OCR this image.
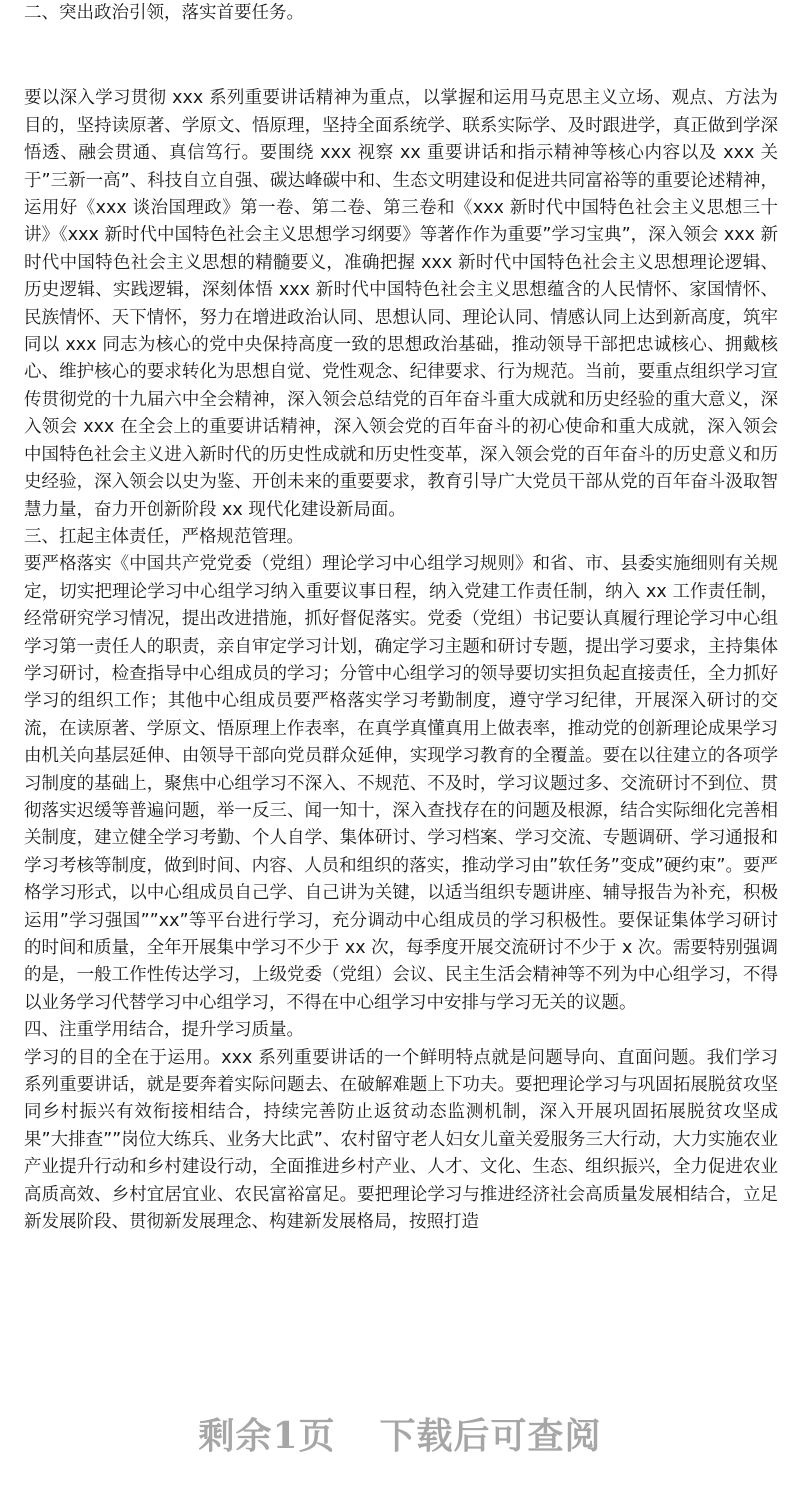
二、突出政治引领，落实首要任务。

要以深入学习贯彻 xxx 系列重要讲话精神为重点，以掌握和运用马克思主义立场、观点、方法为目的，坚持读原著、学原文、悟原理，坚持全面系统学、联系实际学、及时跟进学，真正做到学深悟透、融会贯通、真信笃行。要围绕 xxx 视察 xx 重要讲话和指示精神等核心内容以及 xxx 关于”三新一高”、科技自立自强、碳达峰碳中和、生态文明建设和促进共同富裕等的重要论述精神，运用好《xxx 谈治国理政》第一卷、第二卷、第三卷和《xxx 新时代中国特色社会主义思想三十讲》《xxx 新时代中国特色社会主义思想学习纲要》等著作作为重要”学习宝典”，深入领会 xxx 新时代中国特色社会主义思想的精髓要义，准确把握 xxx 新时代中国特色社会主义思想理论逻辑、历史逻辑、实践逻辑，深刻体悟 xxx 新时代中国特色社会主义思想蕴含的人民情怀、家国情怀、民族情怀、天下情怀，努力在增进政治认同、思想认同、理论认同、情感认同上达到新高度，筑牢同以 xxx 同志为核心的党中央保持高度一致的思想政治基础，推动领导干部把忠诚核心、拥戴核心、维护核心的要求转化为思想自觉、党性观念、纪律要求、行为规范。当前，要重点组织学习宣传贯彻党的十九届六中全会精神，深入领会总结党的百年奋斗重大成就和历史经验的重大意义，深入领会 xxx 在全会上的重要讲话精神，深入领会党的百年奋斗的初心使命和重大成就，深入领会中国特色社会主义进入新时代的历史性成就和历史性变革，深入领会党的百年奋斗的历史意义和历史经验，深入领会以史为鉴、开创未来的重要要求，教育引导广大党员干部从党的百年奋斗汲取智慧力量，奋力开创新阶段 xx 现代化建设新局面。

三、扛起主体责任，严格规范管理。

要严格落实《中国共产党党委（党组）理论学习中心组学习规则》和省、市、县委实施细则有关规定，切实把理论学习中心组学习纳入重要议事日程，纳入党建工作责任制，纳入 xx 工作责任制，经常研究学习情况，提出改进措施，抓好督促落实。党委（党组）书记要认真履行理论学习中心组学习第一责任人的职责，亲自审定学习计划，确定学习主题和研讨专题，提出学习要求，主持集体学习研讨，检查指导中心组成员的学习；分管中心组学习的领导要切实担负起直接责任，全力抓好学习的组织工作；其他中心组成员要严格落实学习考勤制度，遵守学习纪律，开展深入研讨的交流，在读原著、学原文、悟原理上作表率，在真学真懂真用上做表率，推动党的创新理论成果学习由机关向基层延伸、由领导干部向党员群众延伸，实现学习教育的全覆盖。要在以往建立的各项学习制度的基础上，聚焦中心组学习不深入、不规范、不及时，学习议题过多、交流研讨不到位、贯彻落实迟缓等普遍问题，举一反三、闻一知十，深入查找存在的问题及根源，结合实际细化完善相关制度，建立健全学习考勤、个人自学、集体研讨、学习档案、学习交流、专题调研、学习通报和学习考核等制度，做到时间、内容、人员和组织的落实，推动学习由”软任务”变成”硬约束”。要严格学习形式，以中心组成员自己学、自己讲为关键，以适当组织专题讲座、辅导报告为补充，积极运用”学习强国””xx”等平台进行学习，充分调动中心组成员的学习积极性。要保证集体学习研讨的时间和质量，全年开展集中学习不少于 xx 次，每季度开展交流研讨不少于 x 次。需要特别强调的是，一般工作性传达学习，上级党委（党组）会议、民主生活会精神等不列为中心组学习，不得以业务学习代替学习中心组学习，不得在中心组学习中安排与学习无关的议题。

四、注重学用结合，提升学习质量。

学习的目的全在于运用。xxx 系列重要讲话的一个鲜明特点就是问题导向、直面问题。我们学习系列重要讲话，就是要奔着实际问题去、在破解难题上下功夫。要把理论学习与巩固拓展脱贫攻坚同乡村振兴有效衔接相结合，持续完善防止返贫动态监测机制，深入开展巩固拓展脱贫攻坚成果”大排查””岗位大练兵、业务大比武”、农村留守老人妇女儿童关爱服务三大行动，大力实施农业产业提升行动和乡村建设行动，全面推进乡村产业、人才、文化、生态、组织振兴，全力促进农业高质高效、乡村宜居宜业、农民富裕富足。要把理论学习与推进经济社会高质量发展相结合，立足新发展阶段、贯彻新发展理念、构建新发展格局，按照打造

剩余1页 下载后可查阅
